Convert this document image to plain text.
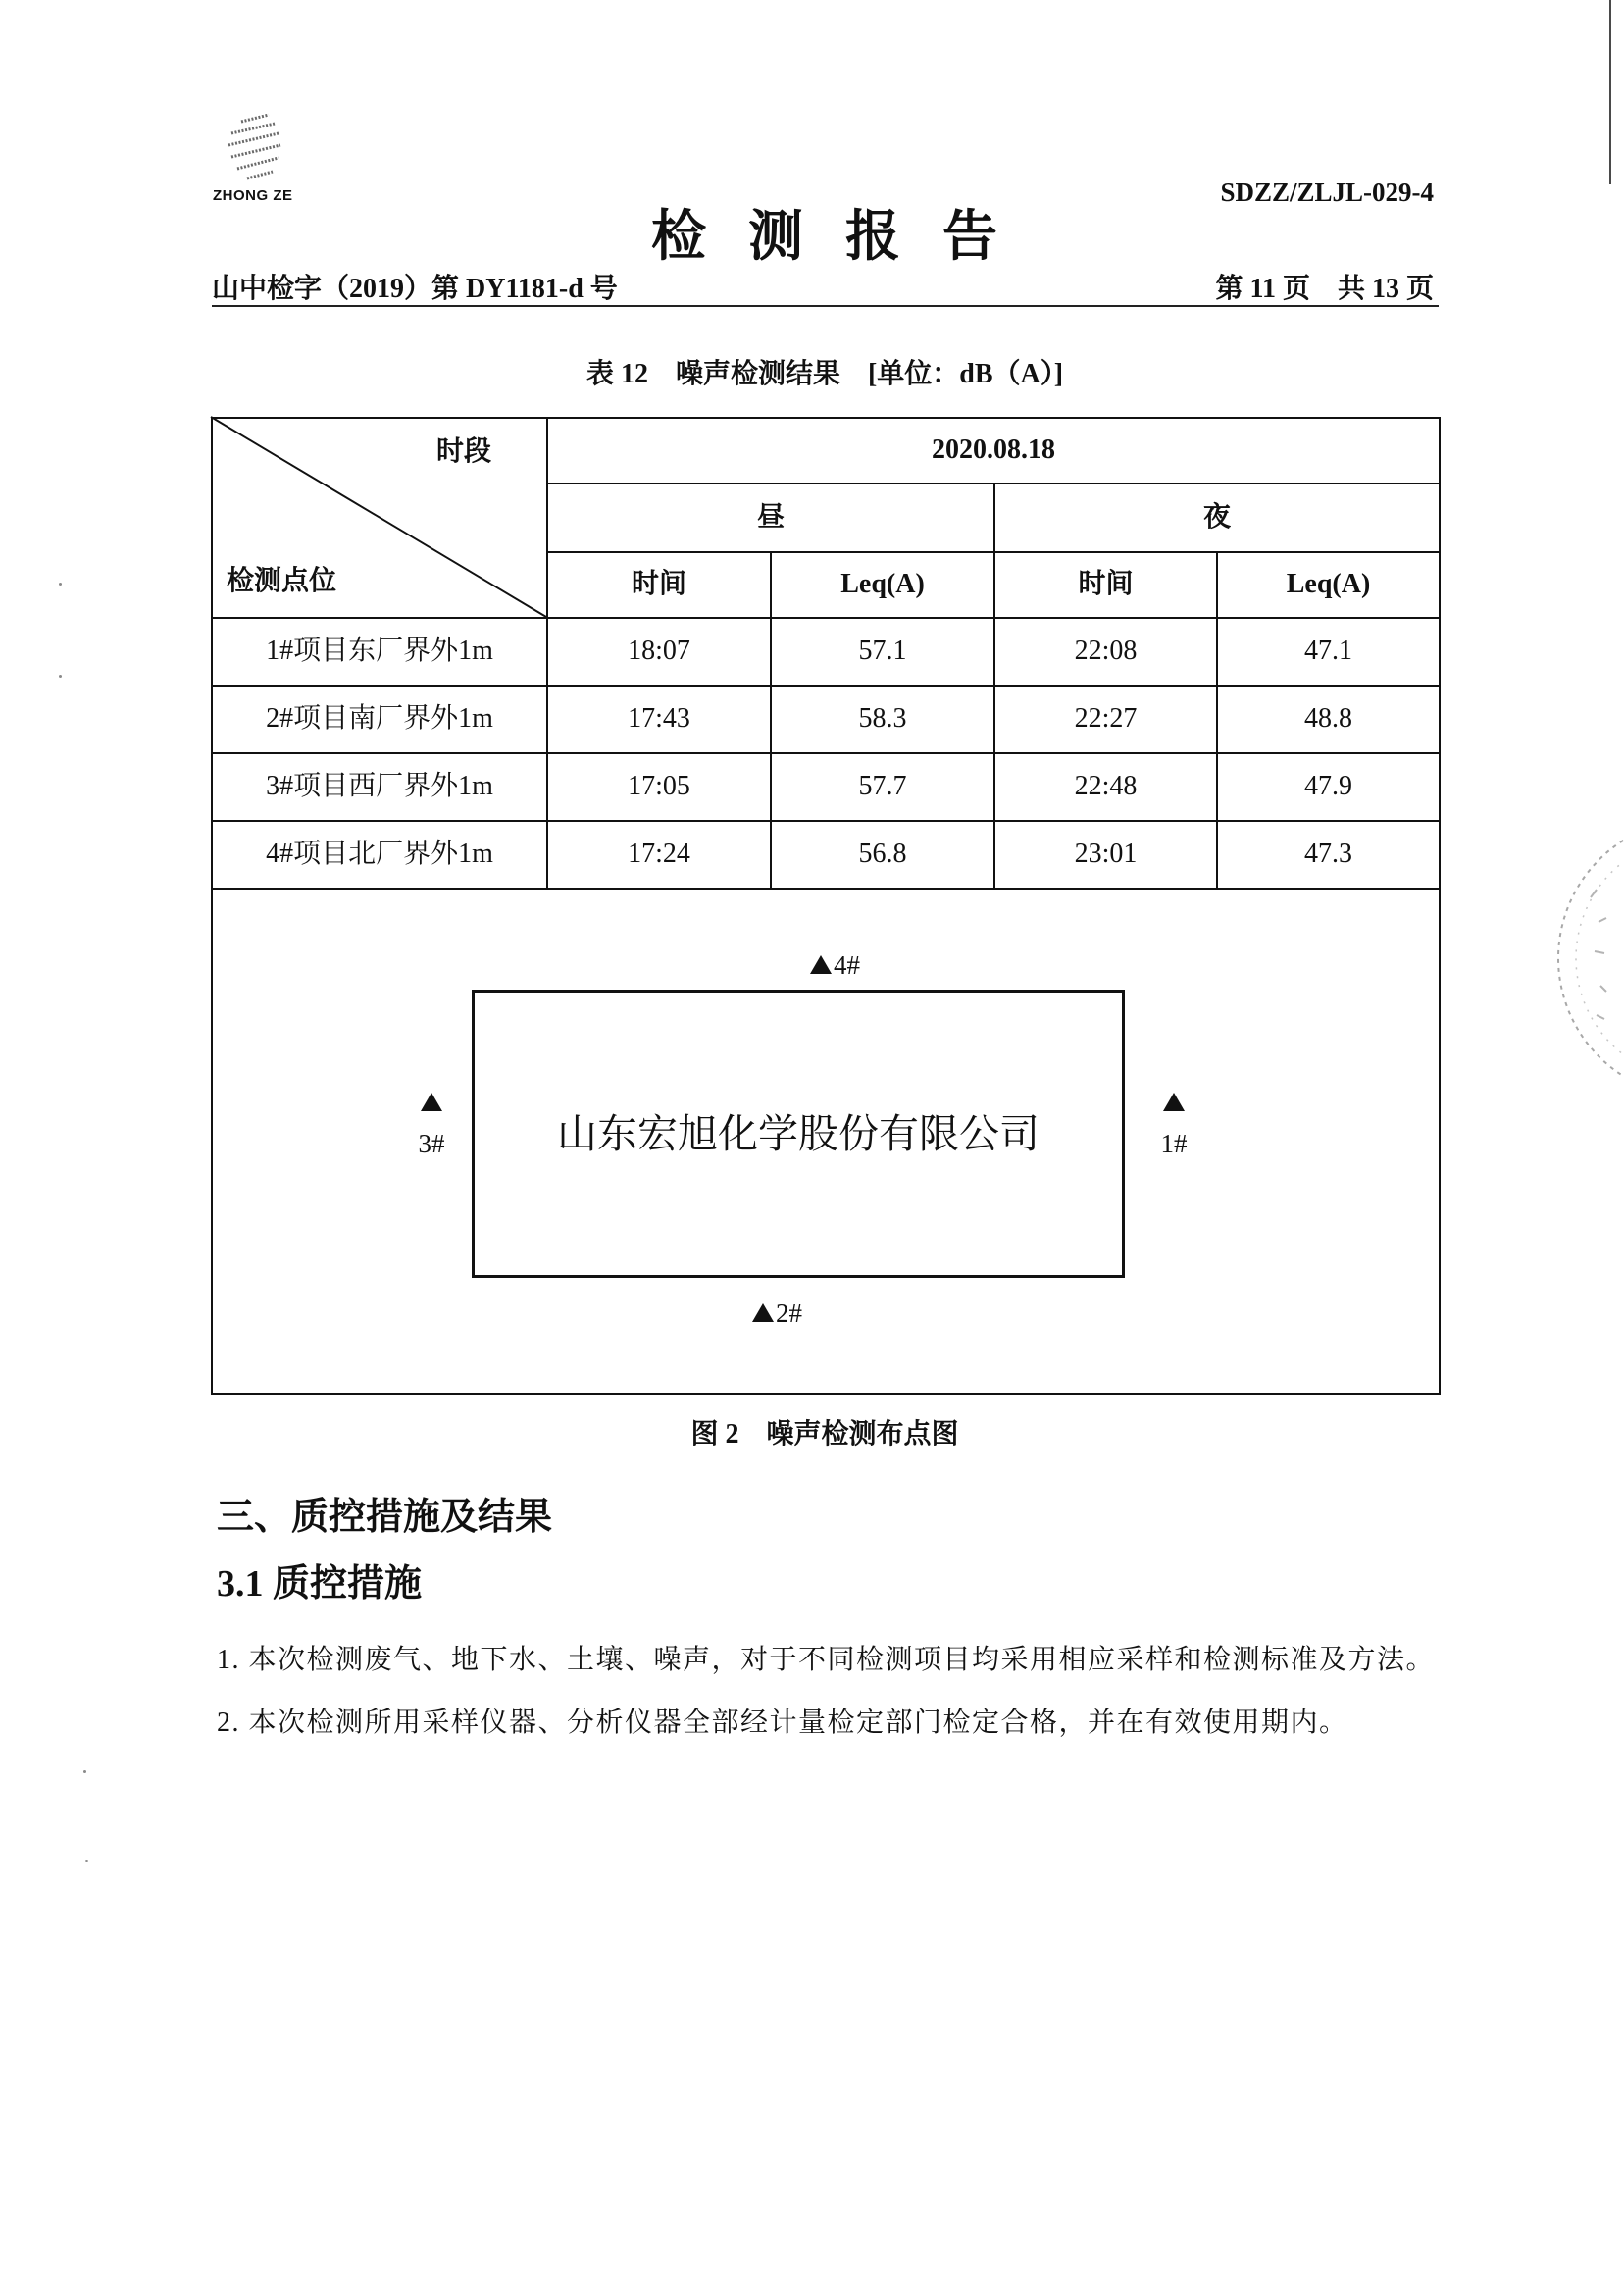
ZHONG ZE	SDZZ/ZLJL-029-4
检测报告
山中检字（2019）第 DY1181-d 号	第 11 页　共 13 页
表 12　噪声检测结果　[单位：dB（A）]
时段
检测点位	2020.08.18			
	昼		夜	
	时间	Leq(A)	时间	Leq(A)
1#项目东厂界外1m	18:07	57.1	22:08	47.1
2#项目南厂界外1m	17:43	58.3	22:27	48.8
3#项目西厂界外1m	17:05	57.7	22:48	47.9
4#项目北厂界外1m	17:24	56.8	23:01	47.3

4#
3# 山东宏旭化学股份有限公司 1#
2#				
图 2　噪声检测布点图
三、质控措施及结果
3.1 质控措施

1. 本次检测废气、地下水、土壤、噪声，对于不同检测项目均采用相应采样和检测标准及方法。

2. 本次检测所用采样仪器、分析仪器全部经计量检定部门检定合格，并在有效使用期内。
